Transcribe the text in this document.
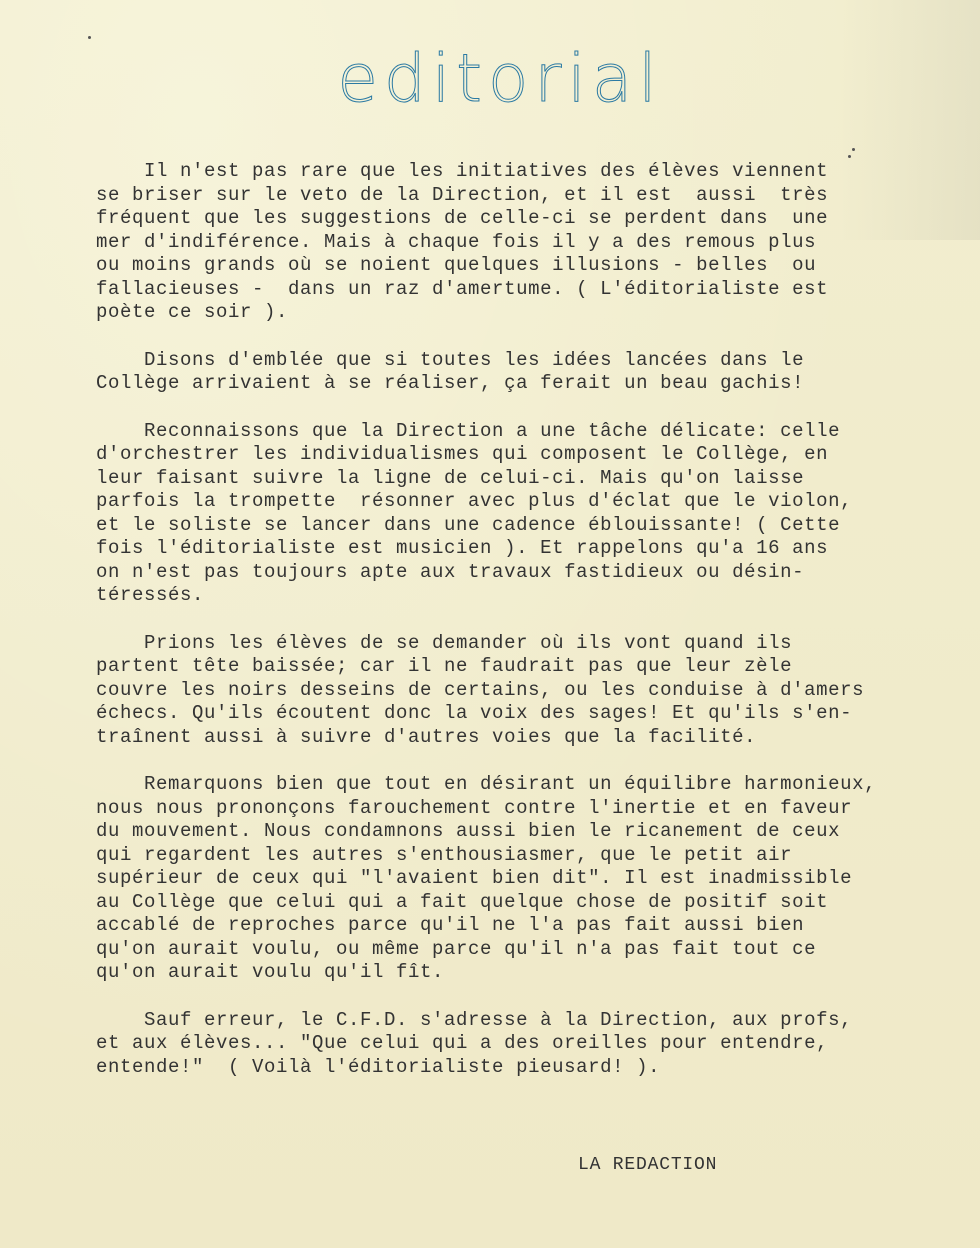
editorial

Il n'est pas rare que les initiatives des élèves viennent
se briser sur le veto de la Direction, et il est  aussi  très
fréquent que les suggestions de celle-ci se perdent dans  une
mer d'indiférence. Mais à chaque fois il y a des remous plus
ou moins grands où se noient quelques illusions - belles  ou
fallacieuses -  dans un raz d'amertume. ( L'éditorialiste est
poète ce soir ).

Disons d'emblée que si toutes les idées lancées dans le
Collège arrivaient à se réaliser, ça ferait un beau gachis!

Reconnaissons que la Direction a une tâche délicate: celle
d'orchestrer les individualismes qui composent le Collège, en
leur faisant suivre la ligne de celui-ci. Mais qu'on laisse
parfois la trompette  résonner avec plus d'éclat que le violon,
et le soliste se lancer dans une cadence éblouissante! ( Cette
fois l'éditorialiste est musicien ). Et rappelons qu'a 16 ans
on n'est pas toujours apte aux travaux fastidieux ou désin-
téressés.

Prions les élèves de se demander où ils vont quand ils
partent tête baissée; car il ne faudrait pas que leur zèle
couvre les noirs desseins de certains, ou les conduise à d'amers
échecs. Qu'ils écoutent donc la voix des sages! Et qu'ils s'en-
traînent aussi à suivre d'autres voies que la facilité.

Remarquons bien que tout en désirant un équilibre harmonieux,
nous nous prononçons farouchement contre l'inertie et en faveur
du mouvement. Nous condamnons aussi bien le ricanement de ceux
qui regardent les autres s'enthousiasmer, que le petit air
supérieur de ceux qui "l'avaient bien dit". Il est inadmissible
au Collège que celui qui a fait quelque chose de positif soit
accablé de reproches parce qu'il ne l'a pas fait aussi bien
qu'on aurait voulu, ou même parce qu'il n'a pas fait tout ce
qu'on aurait voulu qu'il fît.

Sauf erreur, le C.F.D. s'adresse à la Direction, aux profs,
et aux élèves... "Que celui qui a des oreilles pour entendre,
entende!"  ( Voilà l'éditorialiste pieusard! ).

LA REDACTION
